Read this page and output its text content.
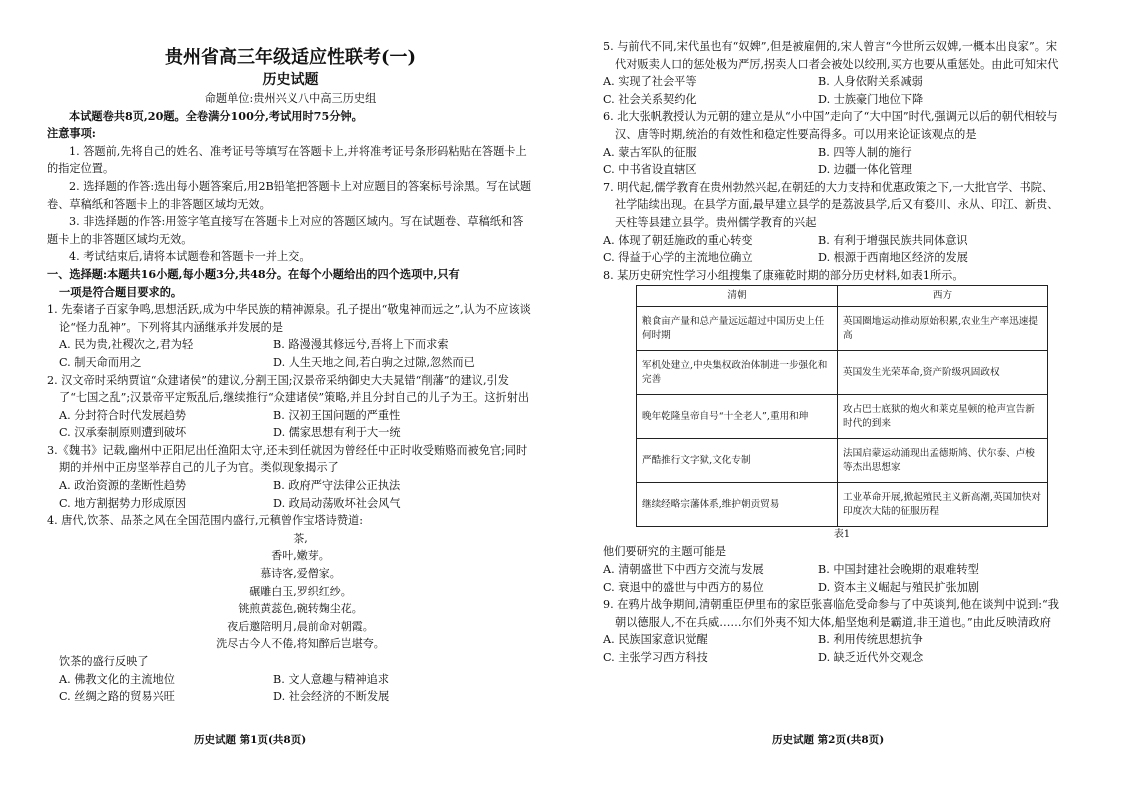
贵州省高三年级适应性联考(一)
历史试题
命题单位:贵州兴义八中高三历史组
本试题卷共8页,20题。全卷满分100分,考试用时75分钟。
注意事项:
1. 答题前,先将自己的姓名、准考证号等填写在答题卡上,并将准考证号条形码粘贴在答题卡上的指定位置。
2. 选择题的作答:选出每小题答案后,用2B铅笔把答题卡上对应题目的答案标号涂黑。写在试题卷、草稿纸和答题卡上的非答题区域均无效。
3. 非选择题的作答:用签字笔直接写在答题卡上对应的答题区域内。写在试题卷、草稿纸和答题卡上的非答题区域均无效。
4. 考试结束后,请将本试题卷和答题卡一并上交。
一、选择题:本题共16小题,每小题3分,共48分。在每个小题给出的四个选项中,只有
一项是符合题目要求的。
1. 先秦诸子百家争鸣,思想活跃,成为中华民族的精神源泉。孔子提出“敬鬼神而远之”,认为不应该谈论“怪力乱神”。下列将其内涵继承并发展的是
A. 民为贵,社稷次之,君为轻	B. 路漫漫其修远兮,吾将上下而求索
C. 制天命而用之	D. 人生天地之间,若白驹之过隙,忽然而已
2. 汉文帝时采纳贾谊“众建诸侯”的建议,分割王国;汉景帝采纳御史大夫晁错“削藩”的建议,引发了“七国之乱”;汉景帝平定叛乱后,继续推行“众建诸侯”策略,并且分封自己的儿子为王。这折射出
A. 分封符合时代发展趋势	B. 汉初王国问题的严重性
C. 汉承秦制原则遭到破坏	D. 儒家思想有利于大一统
3.《魏书》记载,幽州中正阳尼出任渔阳太守,还未到任就因为曾经任中正时收受贿赂而被免官;同时期的并州中正房坚举荐自己的儿子为官。类似现象揭示了
A. 政治资源的垄断性趋势	B. 政府严守法律公正执法
C. 地方割据势力形成原因	D. 政局动荡败坏社会风气
4. 唐代,饮茶、品茶之风在全国范围内盛行,元稹曾作宝塔诗赞道:
茶,
香叶,嫩芽。
慕诗客,爱僧家。
碾雕白玉,罗织红纱。
铫煎黄蕊色,碗转麹尘花。
夜后邀陪明月,晨前命对朝霞。
洗尽古今人不倦,将知醉后岂堪夸。
饮茶的盛行反映了
A. 佛教文化的主流地位	B. 文人意趣与精神追求
C. 丝绸之路的贸易兴旺	D. 社会经济的不断发展
5. 与前代不同,宋代虽也有“奴婢”,但是被雇佣的,宋人曾言“今世所云奴婢,一概本出良家”。宋代对贩卖人口的惩处极为严厉,拐卖人口者会被处以绞刑,买方也要从重惩处。由此可知宋代
A. 实现了社会平等	B. 人身依附关系减弱
C. 社会关系契约化	D. 士族豪门地位下降
6. 北大张帆教授认为元朝的建立是从“小中国”走向了“大中国”时代,强调元以后的朝代相较与汉、唐等时期,统治的有效性和稳定性要高得多。可以用来论证该观点的是
A. 蒙古军队的征服	B. 四等人制的施行
C. 中书省设直辖区	D. 边疆一体化管理
7. 明代起,儒学教育在贵州勃然兴起,在朝廷的大力支持和优惠政策之下,一大批官学、书院、社学陆续出现。在县学方面,最早建立县学的是荔波县学,后又有婺川、永从、印江、新贵、天柱等县建立县学。贵州儒学教育的兴起
A. 体现了朝廷施政的重心转变	B. 有利于增强民族共同体意识
C. 得益于心学的主流地位确立	D. 根源于西南地区经济的发展
8. 某历史研究性学习小组搜集了康雍乾时期的部分历史材料,如表1所示。
清朝	西方
粮食亩产量和总产量远远超过中国历史上任何时期	英国圈地运动推动原始积累,农业生产率迅速提高
军机处建立,中央集权政治体制进一步强化和完善	英国发生光荣革命,资产阶级巩固政权
晚年乾隆皇帝自号“十全老人”,重用和珅	攻占巴士底狱的炮火和莱克星顿的枪声宣告新时代的到来
严酷推行文字狱,文化专制	法国启蒙运动涌现出孟德斯鸠、伏尔泰、卢梭等杰出思想家
继续经略宗藩体系,维护朝贡贸易	工业革命开展,掀起殖民主义新高潮,英国加快对印度次大陆的征服历程
表1
他们要研究的主题可能是
A. 清朝盛世下中西方交流与发展	B. 中国封建社会晚期的艰难转型
C. 衰退中的盛世与中西方的易位	D. 资本主义崛起与殖民扩张加剧
9. 在鸦片战争期间,清朝重臣伊里布的家臣张喜临危受命参与了中英谈判,他在谈判中说到:“我朝以德服人,不在兵威……尔们外夷不知大体,船坚炮利是霸道,非王道也。”由此反映清政府
A. 民族国家意识觉醒	B. 利用传统思想抗争
C. 主张学习西方科技	D. 缺乏近代外交观念
历史试题 第1页(共8页)	历史试题 第2页(共8页)
